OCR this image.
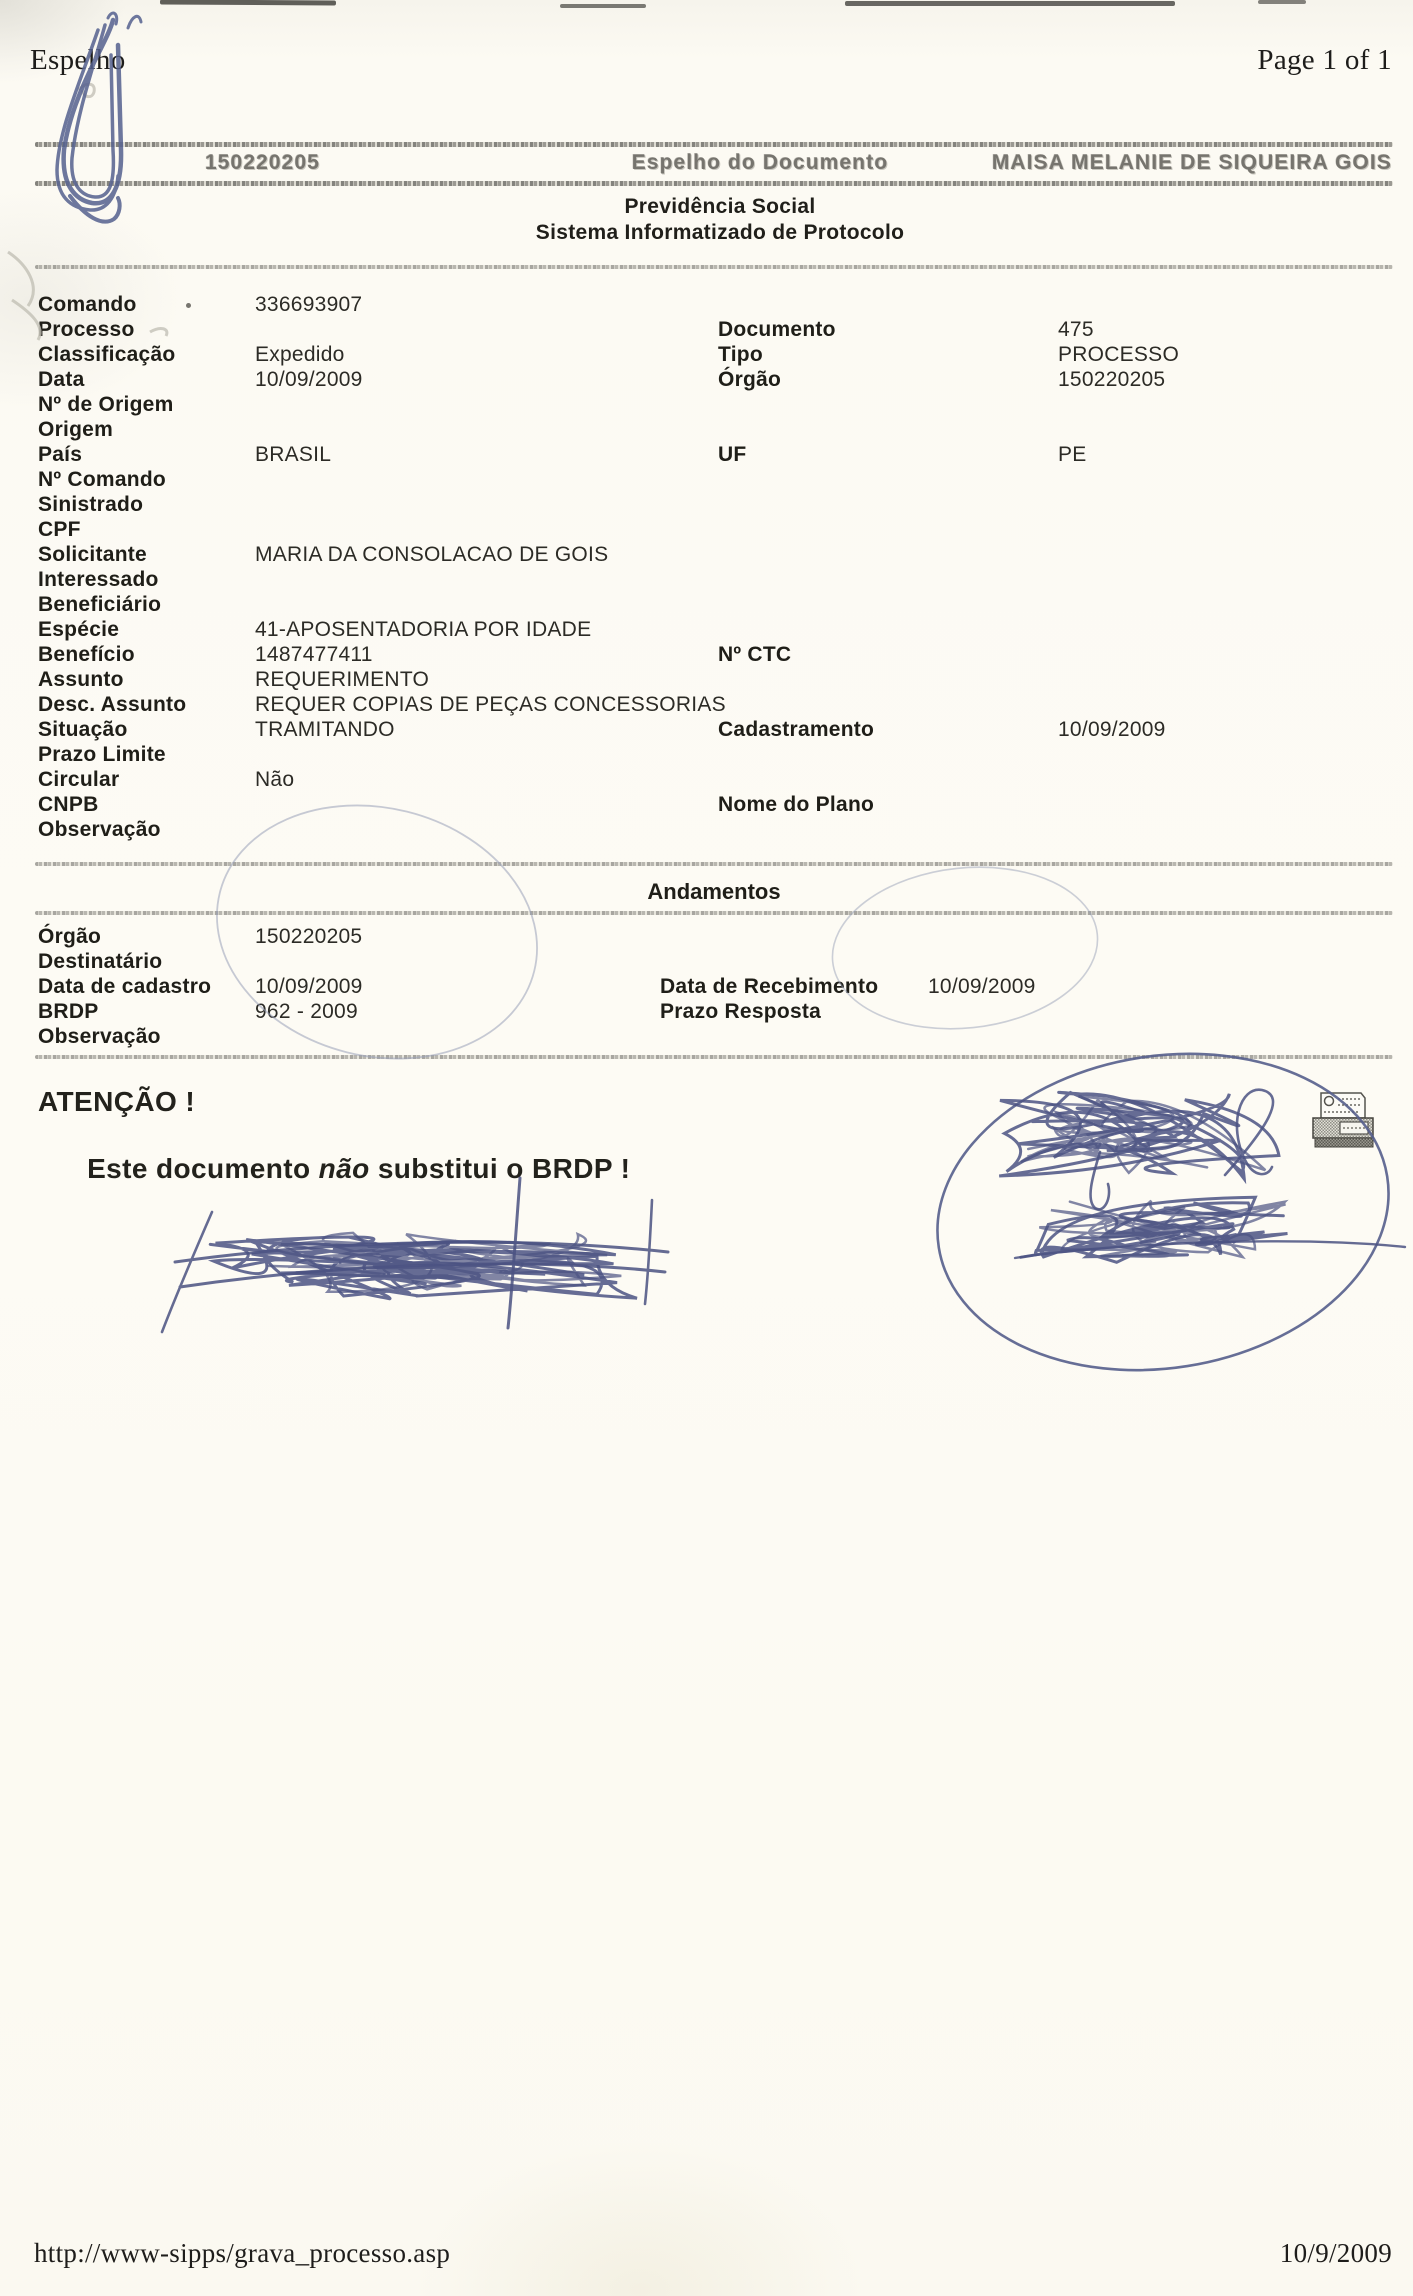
Espelho	Page 1 of 1
150220205	Espelho do Documento	MAISA MELANIE DE SIQUEIRA GOIS
Previdência Social
Sistema Informatizado de Protocolo
Comando	336693907
Processo	Documento	475
Classificação	Expedido	Tipo	PROCESSO
Data	10/09/2009	Órgão	150220205
Nº de Origem
Origem
País	BRASIL	UF	PE
Nº Comando
Sinistrado
CPF
Solicitante	MARIA DA CONSOLACAO DE GOIS
Interessado
Beneficiário
Espécie	41-APOSENTADORIA POR IDADE
Benefício	1487477411	Nº CTC
Assunto	REQUERIMENTO
Desc. Assunto	REQUER COPIAS DE PEÇAS CONCESSORIAS
Situação	TRAMITANDO	Cadastramento	10/09/2009
Prazo Limite
Circular	Não
CNPB	Nome do Plano
Observação
Andamentos
Órgão	150220205
Destinatário
Data de cadastro 10/09/2009	Data de Recebimento 10/09/2009
BRDP	962 - 2009	Prazo Resposta
Observação
ATENÇÃO !

Este documento não substitui o BRDP !

http://www-sipps/grava_processo.asp	10/9/2009
